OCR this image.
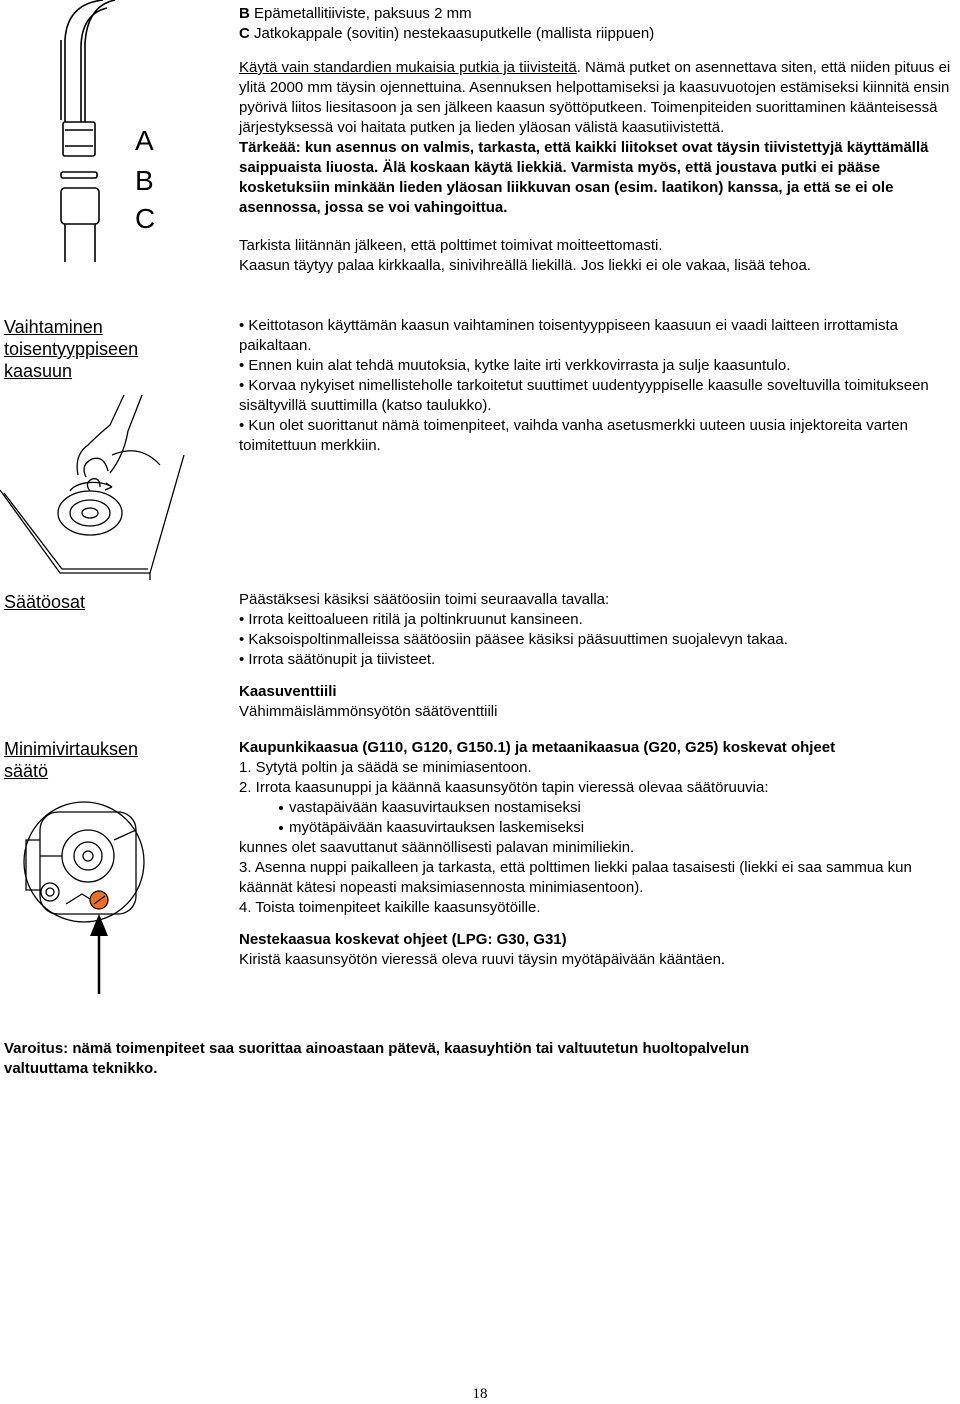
A
B
C

B Epämetallitiiviste, paksuus 2 mm

C Jatkokappale (sovitin) nestekaasuputkelle (mallista riippuen)

Käytä vain standardien mukaisia putkia ja tiivisteitä. Nämä putket on asennettava siten, että niiden pituus ei ylitä 2000 mm täysin ojennettuina. Asennuksen helpottamiseksi ja kaasuvuotojen estämiseksi kiinnitä ensin pyörivä liitos liesitasoon ja sen jälkeen kaasun syöttöputkeen. Toimenpiteiden suorittaminen käänteisessä järjestyksessä voi haitata putken ja lieden yläosan välistä kaasutiivistettä.

Tärkeää: kun asennus on valmis, tarkasta, että kaikki liitokset ovat täysin tiivistettyjä käyttämällä saippuaista liuosta. Älä koskaan käytä liekkiä. Varmista myös, että joustava putki ei pääse kosketuksiin minkään lieden yläosan liikkuvan osan (esim. laatikon) kanssa, ja että se ei ole asennossa, jossa se voi vahingoittua.

Tarkista liitännän jälkeen, että polttimet toimivat moitteettomasti.

Kaasun täytyy palaa kirkkaalla, sinivihreällä liekillä. Jos liekki ei ole vakaa, lisää tehoa.

Vaihtaminen toisentyyppiseen kaasuun

• Keittotason käyttämän kaasun vaihtaminen toisentyyppiseen kaasuun ei vaadi laitteen irrottamista paikaltaan.

• Ennen kuin alat tehdä muutoksia, kytke laite irti verkkovirrasta ja sulje kaasuntulo.

• Korvaa nykyiset nimellisteholle tarkoitetut suuttimet uudentyyppiselle kaasulle soveltuvilla toimitukseen sisältyvillä suuttimilla (katso taulukko).

• Kun olet suorittanut nämä toimenpiteet, vaihda vanha asetusmerkki uuteen uusia injektoreita varten toimitettuun merkkiin.

Säätöosat	Päästäksesi käsiksi säätöosiin toimi seuraavalla tavalla:

• Irrota keittoalueen ritilä ja poltinkruunut kansineen.

• Kaksoispoltinmalleissa säätöosiin pääsee käsiksi pääsuuttimen suojalevyn takaa.

• Irrota säätönupit ja tiivisteet.

Kaasuventtiili

Vähimmäislämmönsyötön säätöventtiili

Minimivirtauksen säätö

Kaupunkikaasua (G110, G120, G150.1) ja metaanikaasua (G20, G25) koskevat ohjeet

1. Sytytä poltin ja säädä se minimiasentoon.

2. Irrota kaasunuppi ja käännä kaasunsyötön tapin vieressä olevaa säätöruuvia:

vastapäivään kaasuvirtauksen nostamiseksi

myötäpäivään kaasuvirtauksen laskemiseksi

kunnes olet saavuttanut säännöllisesti palavan minimiliekin.

3. Asenna nuppi paikalleen ja tarkasta, että polttimen liekki palaa tasaisesti (liekki ei saa sammua kun käännät kätesi nopeasti maksimiasennosta minimiasentoon).

4. Toista toimenpiteet kaikille kaasunsyötöille.

Nestekaasua koskevat ohjeet (LPG: G30, G31)

Kiristä kaasunsyötön vieressä oleva ruuvi täysin myötäpäivään kääntäen.

Varoitus: nämä toimenpiteet saa suorittaa ainoastaan pätevä, kaasuyhtiön tai valtuutetun huoltopalvelun valtuuttama teknikko.

18
